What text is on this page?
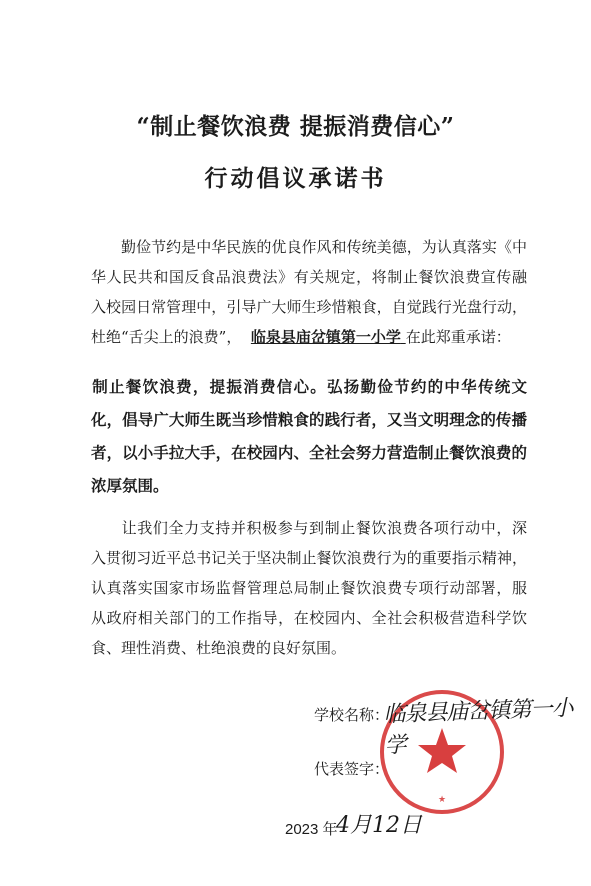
“制止餐饮浪费 提振消费信心”
行动倡议承诺书
勤俭节约是中华民族的优良作风和传统美德，为认真落实《中
华人民共和国反食品浪费法》有关规定，将制止餐饮浪费宣传融
入校园日常管理中，引导广大师生珍惜粮食，自觉践行光盘行动，
杜绝“舌尖上的浪费”， 临泉县庙岔镇第一小学 在此郑重承诺：
制止餐饮浪费，提振消费信心。弘扬勤俭节约的中华传统文
化，倡导广大师生既当珍惜粮食的践行者，又当文明理念的传播
者，以小手拉大手，在校园内、全社会努力营造制止餐饮浪费的
浓厚氛围。
让我们全力支持并积极参与到制止餐饮浪费各项行动中，深
入贯彻习近平总书记关于坚决制止餐饮浪费行为的重要指示精神，
认真落实国家市场监督管理总局制止餐饮浪费专项行动部署，服
从政府相关部门的工作指导，在校园内、全社会积极营造科学饮
食、理性消费、杜绝浪费的良好氛围。
★
学校名称：
临泉县庙岔镇第一小学
代表签字：
2023 年
4月12日
